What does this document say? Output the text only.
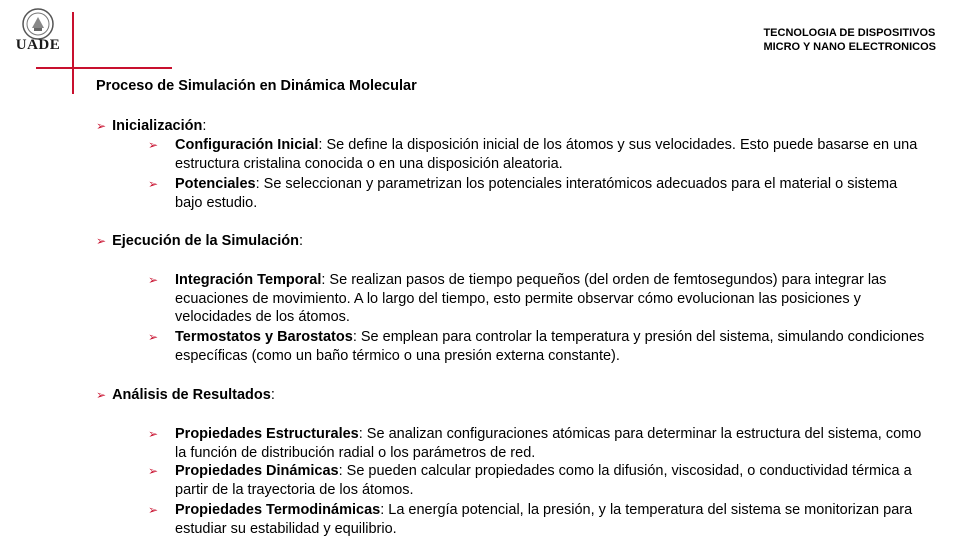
UADE
TECNOLOGIA DE DISPOSITIVOS
MICRO Y NANO ELECTRONICOS
Proceso de Simulación en Dinámica Molecular
➢ Inicialización:
➢ Configuración Inicial: Se define la disposición inicial de los átomos y sus velocidades. Esto puede basarse en una estructura cristalina conocida o en una disposición aleatoria.
➢ Potenciales: Se seleccionan y parametrizan los potenciales interatómicos adecuados para el material o sistema bajo estudio.
➢ Ejecución de la Simulación:
➢ Integración Temporal: Se realizan pasos de tiempo pequeños (del orden de femtosegundos) para integrar las ecuaciones de movimiento. A lo largo del tiempo, esto permite observar cómo evolucionan las posiciones y velocidades de los átomos.
➢ Termostatos y Barostatos: Se emplean para controlar la temperatura y presión del sistema, simulando condiciones específicas (como un baño térmico o una presión externa constante).
➢ Análisis de Resultados:
➢ Propiedades Estructurales: Se analizan configuraciones atómicas para determinar la estructura del sistema, como la función de distribución radial o los parámetros de red.
➢ Propiedades Dinámicas: Se pueden calcular propiedades como la difusión, viscosidad, o conductividad térmica a partir de la trayectoria de los átomos.
➢ Propiedades Termodinámicas: La energía potencial, la presión, y la temperatura del sistema se monitorizan para estudiar su estabilidad y equilibrio.
